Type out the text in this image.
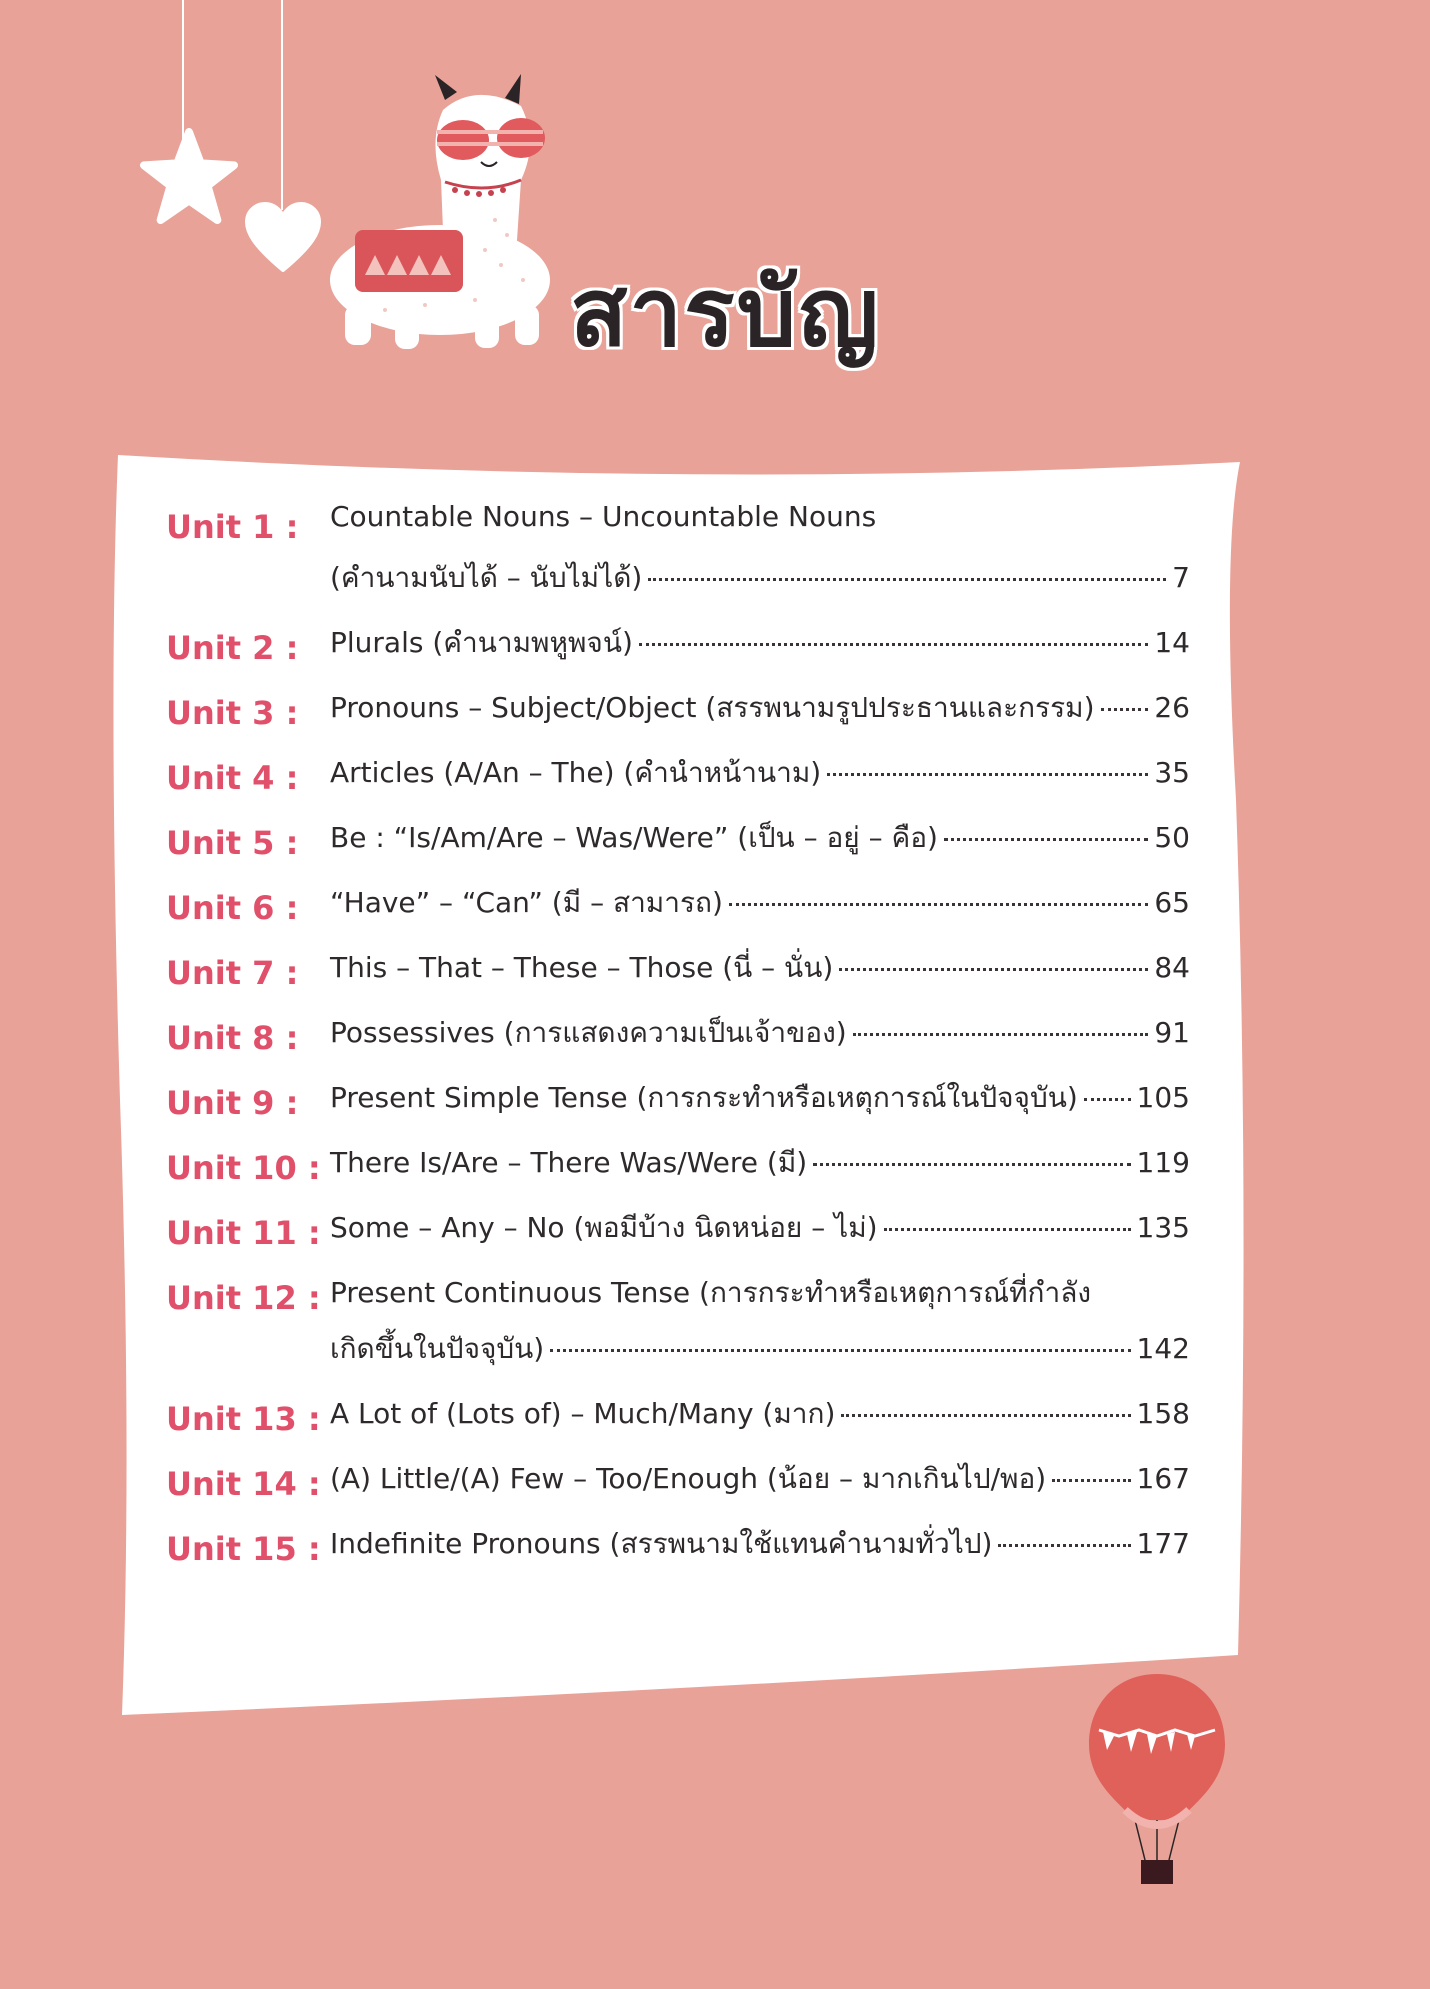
สารบัญ
Unit 1 : Countable Nouns – Uncountable Nouns
(คำนามนับได้ – นับไม่ได้)	7
Unit 2 : Plurals (คำนามพหูพจน์)	14
Unit 3 : Pronouns – Subject/Object (สรรพนามรูปประธานและกรรม) 26
Unit 4 : Articles (A/An – The) (คำนำหน้านาม)	35
Unit 5 : Be : “Is/Am/Are – Was/Were” (เป็น – อยู่ – คือ)	50
Unit 6 : “Have” – “Can” (มี – สามารถ)	65
Unit 7 : This – That – These – Those (นี่ – นั่น)	84
Unit 8 : Possessives (การแสดงความเป็นเจ้าของ)	91
Unit 9 : Present Simple Tense (การกระทำหรือเหตุการณ์ในปัจจุบัน) 105
Unit 10 : There Is/Are – There Was/Were (มี)	119
Unit 11 : Some – Any – No (พอมีบ้าง นิดหน่อย – ไม่)	135
Unit 12 : Present Continuous Tense (การกระทำหรือเหตุการณ์ที่กำลัง
เกิดขึ้นในปัจจุบัน)	142
Unit 13 : A Lot of (Lots of) – Much/Many (มาก)	158
Unit 14 : (A) Little/(A) Few – Too/Enough (น้อย – มากเกินไป/พอ)	167
Unit 15 : Indefinite Pronouns (สรรพนามใช้แทนคำนามทั่วไป)	177
